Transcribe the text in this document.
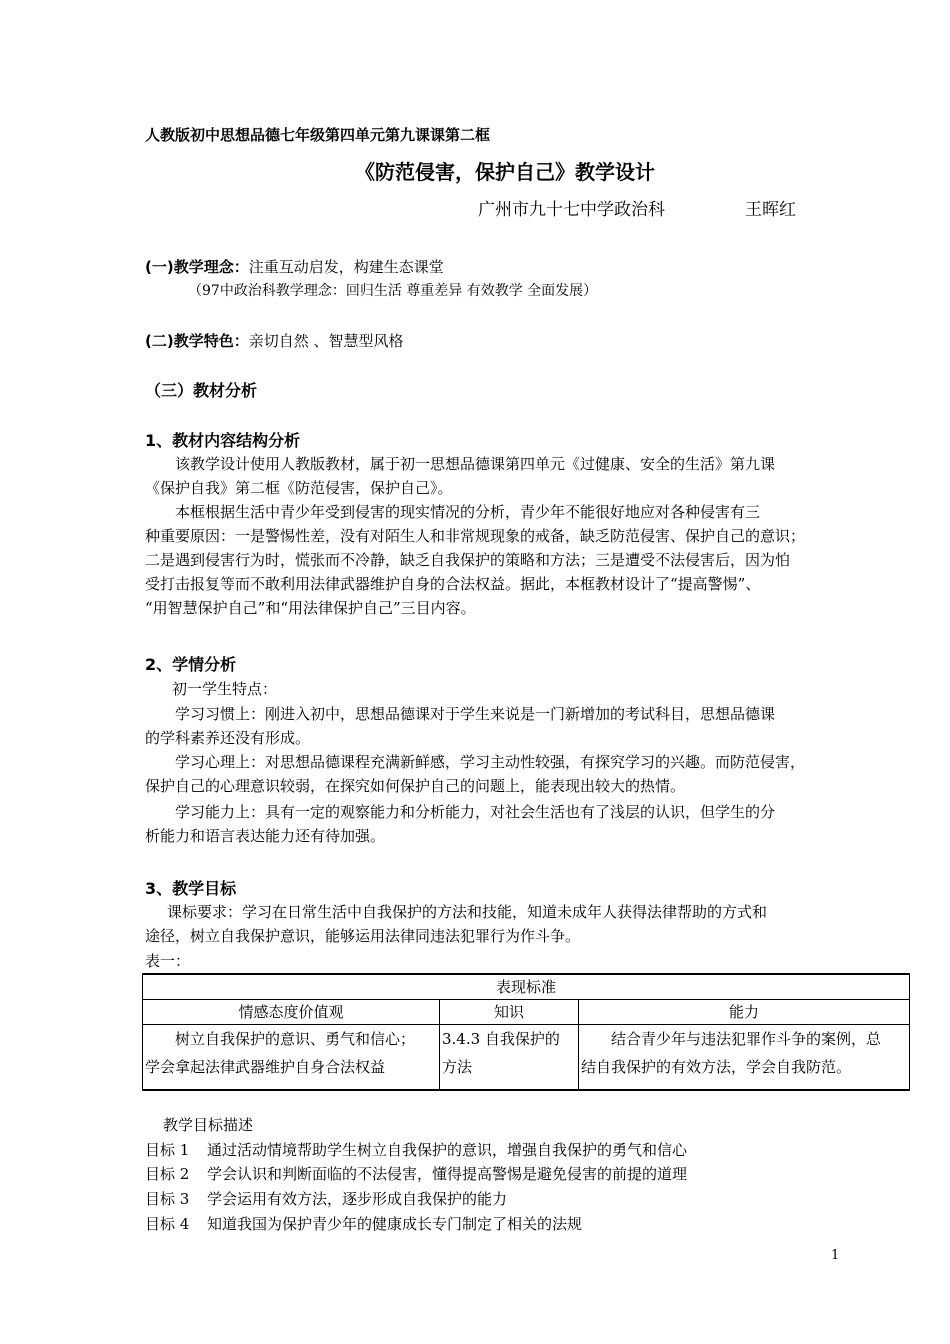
人教版初中思想品德七年级第四单元第九课课第二框
《防范侵害，保护自己》教学设计
广州市九十七中学政治科	王晖红
(一)教学理念：注重互动启发，构建生态课堂
（97中政治科教学理念：回归生活 尊重差异 有效教学 全面发展）
(二)教学特色：亲切自然 、智慧型风格
（三）教材分析
1、教材内容结构分析
该教学设计使用人教版教材，属于初一思想品德课第四单元《过健康、安全的生活》第九课
《保护自我》第二框《防范侵害，保护自己》。
本框根据生活中青少年受到侵害的现实情况的分析，青少年不能很好地应对各种侵害有三
种重要原因：一是警惕性差，没有对陌生人和非常规现象的戒备，缺乏防范侵害、保护自己的意识；
二是遇到侵害行为时，慌张而不冷静，缺乏自我保护的策略和方法；三是遭受不法侵害后，因为怕
受打击报复等而不敢利用法律武器维护自身的合法权益。据此，本框教材设计了“提高警惕”、
“用智慧保护自己”和“用法律保护自己”三目内容。
2、学情分析
初一学生特点：
学习习惯上：刚进入初中，思想品德课对于学生来说是一门新增加的考试科目，思想品德课
的学科素养还没有形成。
学习心理上：对思想品德课程充满新鲜感，学习主动性较强，有探究学习的兴趣。而防范侵害，
保护自己的心理意识较弱，在探究如何保护自己的问题上，能表现出较大的热情。
学习能力上：具有一定的观察能力和分析能力，对社会生活也有了浅层的认识，但学生的分
析能力和语言表达能力还有待加强。
3、教学目标
课标要求：学习在日常生活中自我保护的方法和技能，知道未成年人获得法律帮助的方式和
途径，树立自我保护意识，能够运用法律同违法犯罪行为作斗争。
表一：
表现标准		
情感态度价值观	知识	能力

树立自我保护的意识、勇气和信心；
学会拿起法律武器维护自身合法权益	3.4.3 自我保护的
方法	结合青少年与违法犯罪作斗争的案例，总
结自我保护的有效方法，学会自我防范。
教学目标描述
目标 1 通过活动情境帮助学生树立自我保护的意识，增强自我保护的勇气和信心
目标 2 学会认识和判断面临的不法侵害，懂得提高警惕是避免侵害的前提的道理
目标 3 学会运用有效方法，逐步形成自我保护的能力
目标 4 知道我国为保护青少年的健康成长专门制定了相关的法规
1
